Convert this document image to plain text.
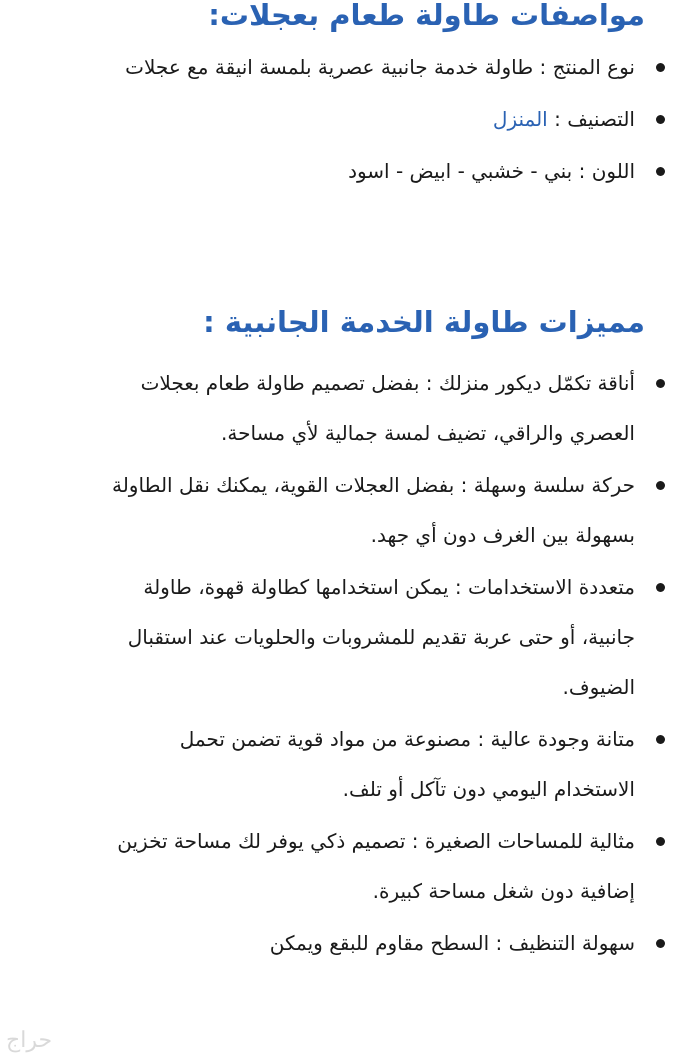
مواصفات طاولة طعام بعجلات:
نوع المنتج : طاولة خدمة جانبية عصرية بلمسة انيقة مع عجلات
التصنيف : المنزل
اللون : بني - خشبي - ابيض - اسود
مميزات طاولة الخدمة الجانبية :
أناقة تكمّل ديكور منزلك : بفضل تصميم طاولة طعام بعجلات العصري والراقي، تضيف لمسة جمالية لأي مساحة.
حركة سلسة وسهلة : بفضل العجلات القوية، يمكنك نقل الطاولة بسهولة بين الغرف دون أي جهد.
متعددة الاستخدامات : يمكن استخدامها كطاولة قهوة، طاولة جانبية، أو حتى عربة تقديم للمشروبات والحلويات عند استقبال الضيوف.
متانة وجودة عالية : مصنوعة من مواد قوية تضمن تحمل الاستخدام اليومي دون تآكل أو تلف.
مثالية للمساحات الصغيرة : تصميم ذكي يوفر لك مساحة تخزين إضافية دون شغل مساحة كبيرة.
سهولة التنظيف : السطح مقاوم للبقع ويمكن
حراج
